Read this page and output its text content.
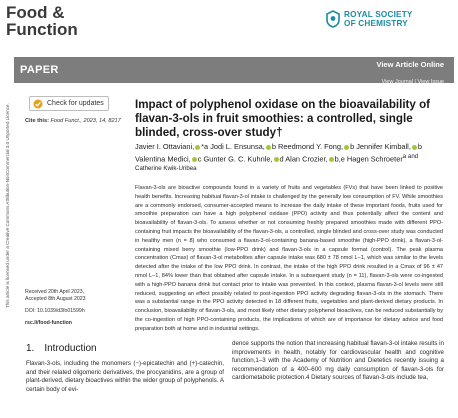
Food &
Function
ROYAL SOCIETY
OF CHEMISTRY
PAPER	View Article Online
View Journal | View Issue
This article is licensed under a Creative Commons Attribution-NonCommercial 3.0 Unported Licence.	Check for updates
Cite this: Food Funct., 2023, 14, 8217
Impact of polyphenol oxidase on the bioavailability of flavan-3-ols in fruit smoothies: a controlled, single blinded, cross-over study†
Javier I. Ottaviani, *a Jodi L. Ensunsa, b Reedmond Y. Fong, b Jennifer Kimball, b Valentina Medici, c Gunter G. C. Kuhnle, d Alan Crozier, b,e Hagen Schroeter$^{a and Catherine Kwik-Uribea}$
Flavan-3-ols are bioactive compounds found in a variety of fruits and vegetables (FVs) that have been linked to positive health benefits. Increasing habitual flavan-3-ol intake is challenged by the generally low consumption of FV. While smoothies are a commonly endorsed, consumer-accepted means to increase the daily intake of these important foods, fruits used for smoothie preparation can have a high polyphenol oxidase (PPO) activity and thus potentially affect the content and bioavailability of flavan-3-ols. To assess whether or not consuming freshly prepared smoothies made with different PPO-containing fruit impacts the bioavailability of the flavan-3-ols, a controlled, single blinded and cross-over study was conducted in healthy men (n = 8) who consumed a flavan-3-ol-containing banana-based smoothie (high-PPO drink), a flavan-3-ol-containing mixed berry smoothie (low-PPO drink) and flavan-3-ols in a capsule format (control). The peak plasma concentration (Cmax) of flavan-3-ol metabolites after capsule intake was 680 ± 78 nmol L−1, which was similar to the levels detected after the intake of the low PPO drink. In contrast, the intake of the high PPO drink resulted in a Cmax of 96 ± 47 nmol L−1, 84% lower than that obtained after capsule intake. In a subsequent study (n = 11), flavan-3-ols were co-ingested with a high-PPO banana drink but contact prior to intake was prevented. In this context, plasma flavan-3-ol levels were still reduced, suggesting an effect possibly related to post-ingestion PPO activity degrading flavan-3-ols in the stomach. There was a substantial range in the PPO activity detected in 18 different fruits, vegetables and plant-derived dietary products. In conclusion, bioavailability of flavan-3-ols, and most likely other dietary polyphenol bioactives, can be reduced substantially by the co-ingestion of high PPO-containing products, the implications of which are of importance for dietary advice and food preparation both at home and in industrial settings.
Received 20th April 2023,
Accepted 8th August 2023
DOI: 10.1039/d3fo01599h
rsc.li/food-function
1. Introduction
Flavan-3-ols, including the monomers (−)-epicatechin and (+)-catechin, and their related oligomeric derivatives, the procyanidins, are a group of plant-derived, dietary bioactives within the wider group of polyphenols. A certain body of evi-
dence supports the notion that increasing habitual flavan-3-ol intake results in improvements in health, notably for cardiovascular health and cognitive function,1–3 with the Academy of Nutrition and Dietetics recently issuing a recommendation of a 400–600 mg daily consumption of flavan-3-ols for cardiometabolic protection.4 Dietary sources of flavan-3-ols include tea,
